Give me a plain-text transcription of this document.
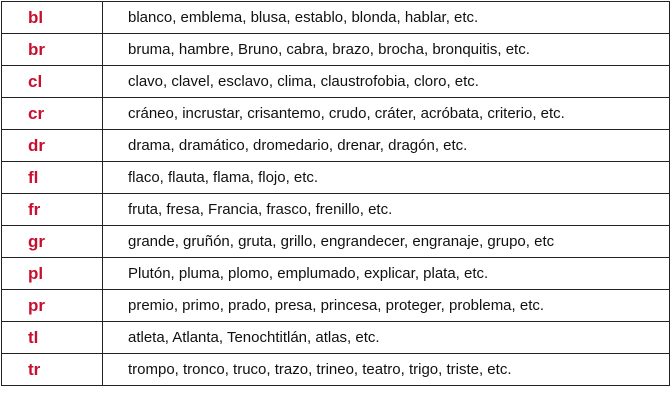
bl	blanco, emblema, blusa, establo, blonda, hablar, etc.
br	bruma, hambre, Bruno, cabra, brazo, brocha, bronquitis, etc.
cl	clavo, clavel, esclavo, clima, claustrofobia, cloro, etc.
cr	cráneo, incrustar, crisantemo, crudo, cráter, acróbata, criterio, etc.
dr	drama, dramático, dromedario, drenar, dragón, etc.
fl	flaco, flauta, flama, flojo, etc.
fr	fruta, fresa, Francia, frasco, frenillo, etc.
gr	grande, gruñón, gruta, grillo, engrandecer, engranaje, grupo, etc
pl	Plutón, pluma, plomo, emplumado, explicar, plata, etc.
pr	premio, primo, prado, presa, princesa, proteger, problema, etc.
tl	atleta, Atlanta, Tenochtitlán, atlas, etc.
tr	trompo, tronco, truco, trazo, trineo, teatro, trigo, triste, etc.
